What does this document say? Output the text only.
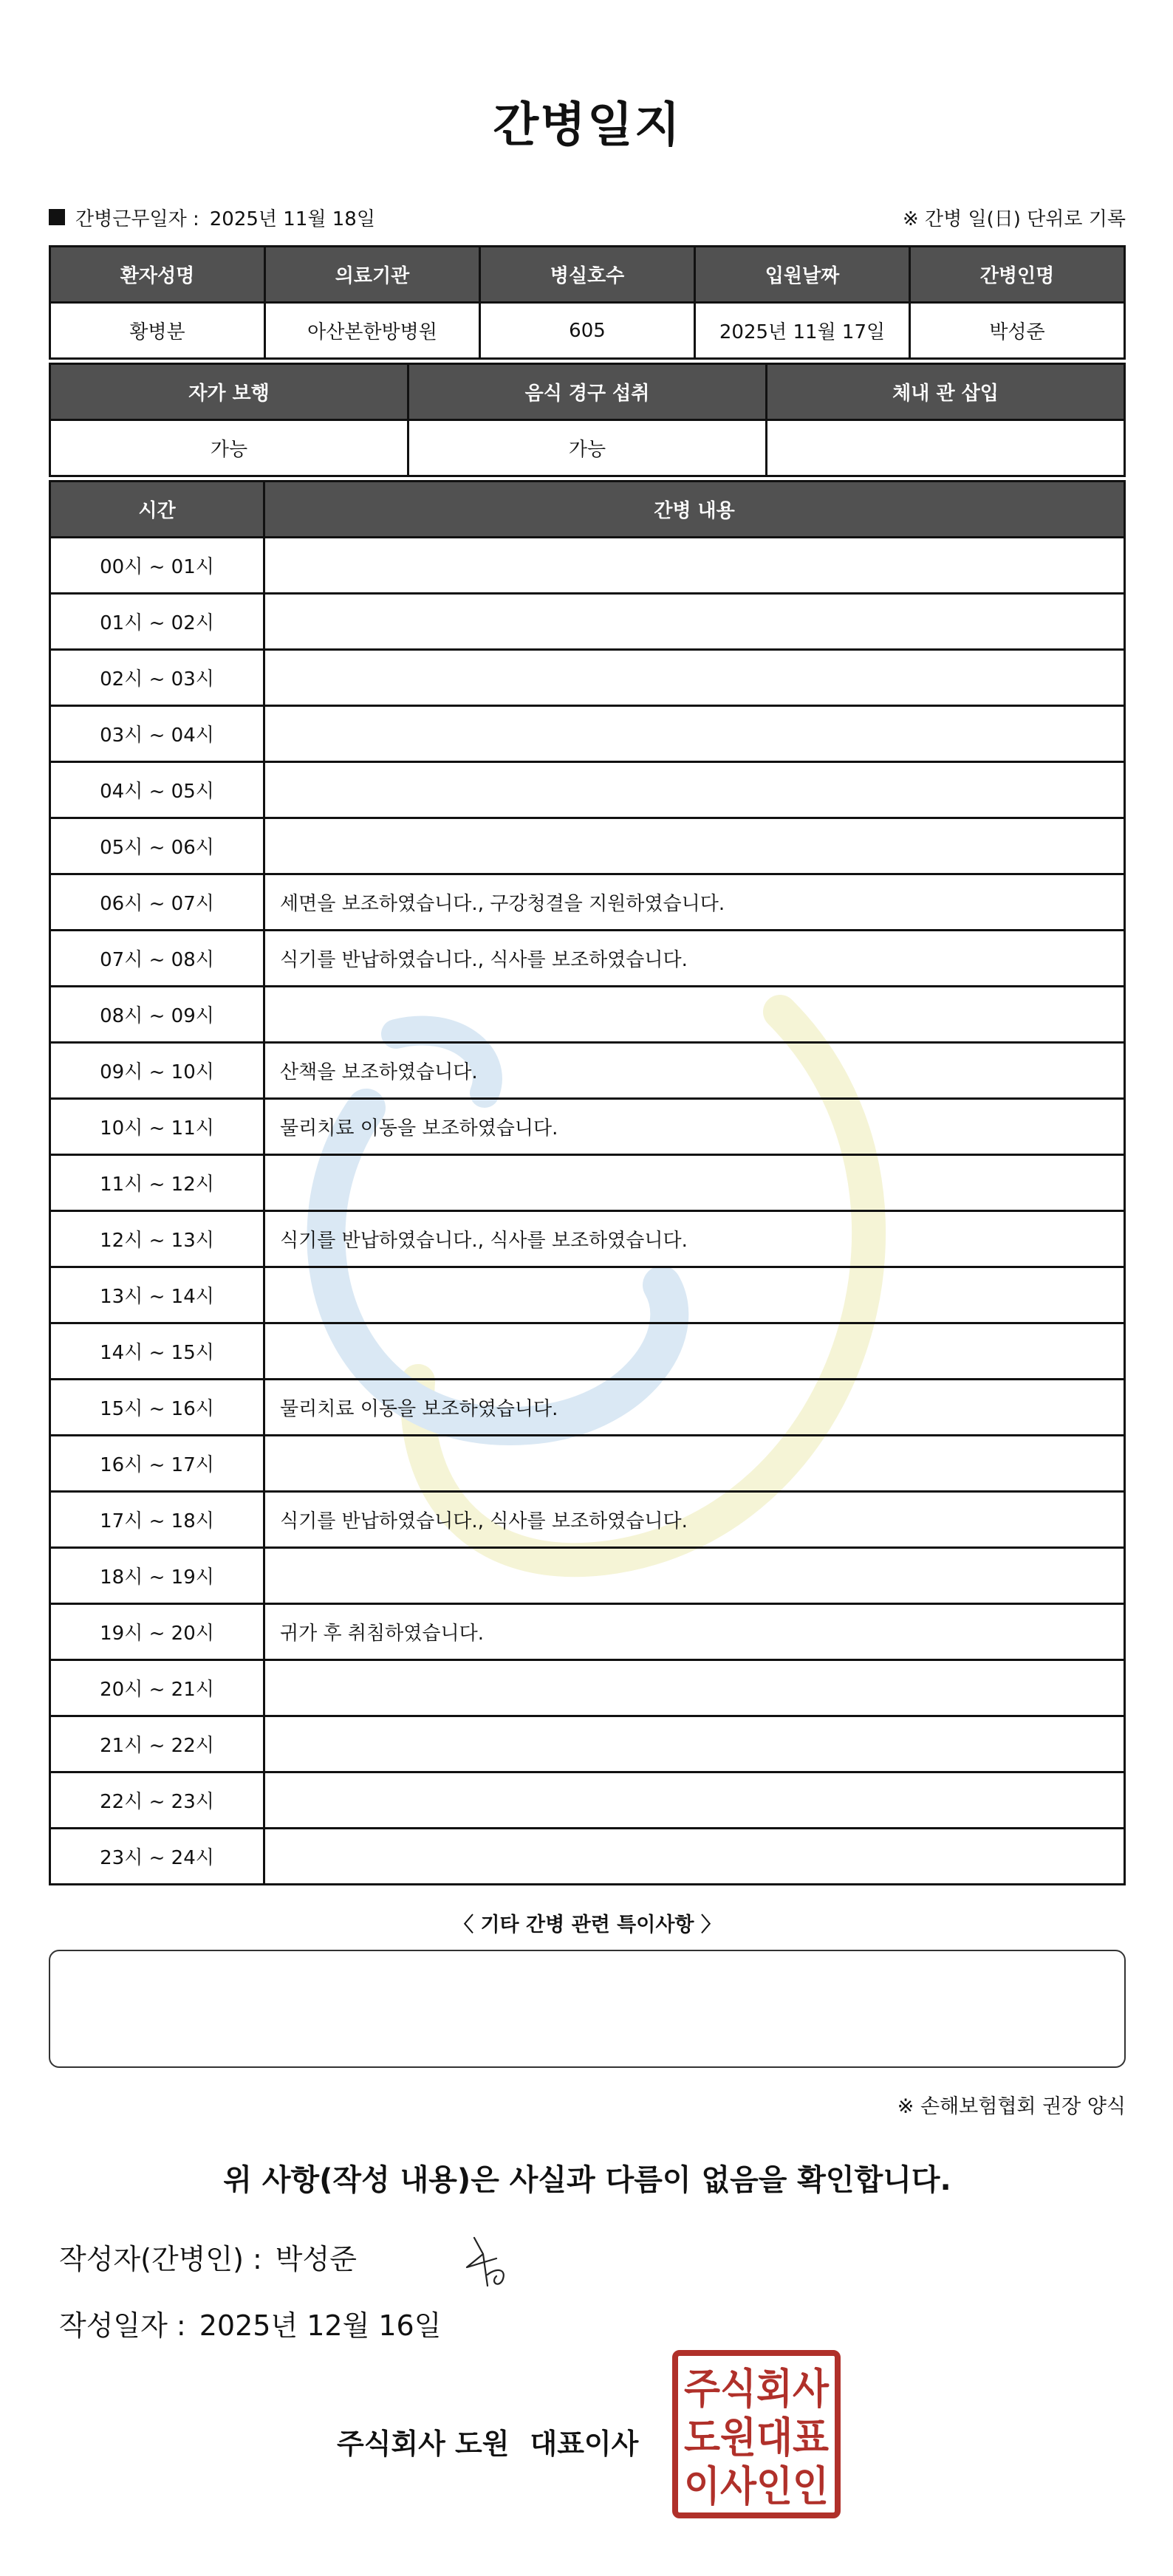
간병일지
간병근무일자 : 2025년 11월 18일	※ 간병 일(日) 단위로 기록
환자성명	의료기관	병실호수	입원날짜	간병인명
황병분	아산본한방병원	605	2025년 11월 17일	박성준
자가 보행	음식 경구 섭취	체내 관 삽입
가능	가능	
시간	간병 내용
00시 ~ 01시	
01시 ~ 02시	
02시 ~ 03시	
03시 ~ 04시	
04시 ~ 05시	
05시 ~ 06시	
06시 ~ 07시	세면을 보조하였습니다., 구강청결을 지원하였습니다.
07시 ~ 08시	식기를 반납하였습니다., 식사를 보조하였습니다.
08시 ~ 09시	
09시 ~ 10시	산책을 보조하였습니다.
10시 ~ 11시	물리치료 이동을 보조하였습니다.
11시 ~ 12시	
12시 ~ 13시	식기를 반납하였습니다., 식사를 보조하였습니다.
13시 ~ 14시	
14시 ~ 15시	
15시 ~ 16시	물리치료 이동을 보조하였습니다.
16시 ~ 17시	
17시 ~ 18시	식기를 반납하였습니다., 식사를 보조하였습니다.
18시 ~ 19시	
19시 ~ 20시	귀가 후 취침하였습니다.
20시 ~ 21시	
21시 ~ 22시	
22시 ~ 23시	
23시 ~ 24시	
〈 기타 간병 관련 특이사항 〉
※ 손해보험협회 권장 양식
위 사항(작성 내용)은 사실과 다름이 없음을 확인합니다.
작성자(간병인) : 박성준
작성일자 : 2025년 12월 16일
주식회사 도원 대표이사
주식회사
도원대표
이사인인
